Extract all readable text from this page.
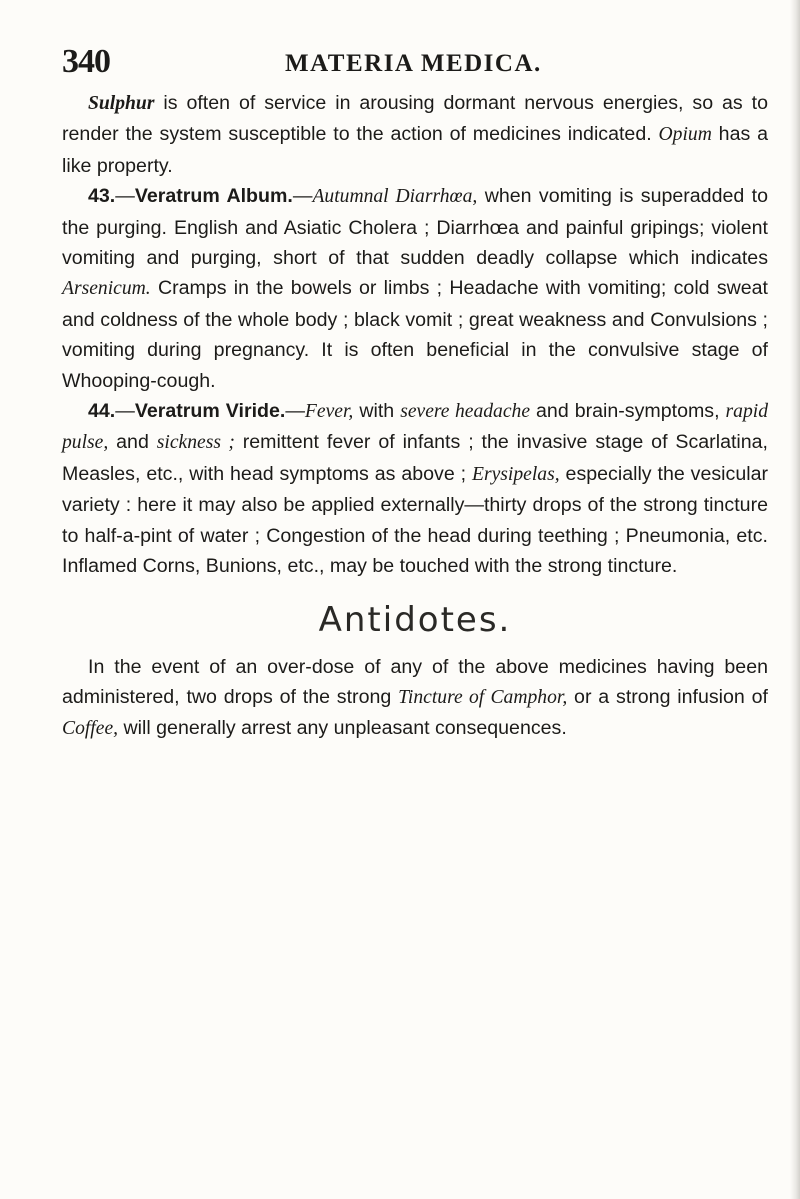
340	MATERIA MEDICA.

Sulphur is often of service in arousing dormant nervous energies, so as to render the system susceptible to the action of medicines indicated. Opium has a like property.

43.—Veratrum Album.—Autumnal Diarrhœa, when vomiting is superadded to the purging. English and Asiatic Cholera ; Diarrhœa and painful gripings; violent vomiting and purging, short of that sudden deadly collapse which indicates Arsenicum. Cramps in the bowels or limbs ; Headache with vomiting; cold sweat and coldness of the whole body ; black vomit ; great weakness and Convulsions ; vomiting during pregnancy. It is often beneficial in the convulsive stage of Whooping-cough.

44.—Veratrum Viride.—Fever, with severe headache and brain-symptoms, rapid pulse, and sickness ; remittent fever of infants ; the invasive stage of Scarlatina, Measles, etc., with head symptoms as above ; Erysipelas, especially the vesicular variety : here it may also be applied externally—thirty drops of the strong tincture to half-a-pint of water ; Congestion of the head during teething ; Pneumonia, etc. Inflamed Corns, Bunions, etc., may be touched with the strong tincture.

Antidotes.

In the event of an over-dose of any of the above medicines having been administered, two drops of the strong Tincture of Camphor, or a strong infusion of Coffee, will generally arrest any unpleasant consequences.
